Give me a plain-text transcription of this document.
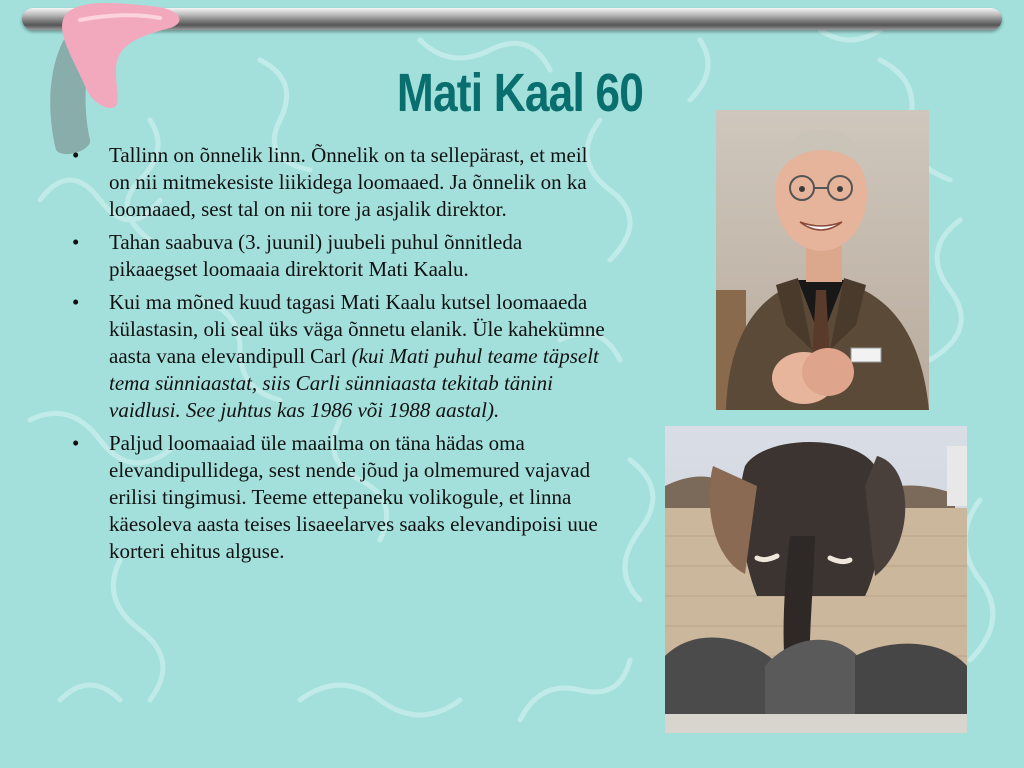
Mati Kaal 60
• Tallinn on õnnelik linn. Õnnelik on ta sellepärast, et meil on nii mitmekesiste liikidega loomaaed. Ja õnnelik on ka loomaaed, sest tal on nii tore ja asjalik direktor.
• Tahan saabuva (3. juunil) juubeli puhul õnnitleda pikaaegset loomaaia direktorit Mati Kaalu.
• Kui ma mõned kuud tagasi Mati Kaalu kutsel loomaaeda külastasin, oli seal üks väga õnnetu elanik. Üle kahekümne aasta vana elevandipull Carl (kui Mati puhul teame täpselt tema sünniaastat, siis Carli sünniaasta tekitab tänini vaidlusi. See juhtus kas 1986 või 1988 aastal).
• Paljud loomaaiad üle maailma on täna hädas oma elevandipullidega, sest nende jõud ja olmemured vajavad erilisi tingimusi. Teeme ettepaneku volikogule, et linna käesoleva aasta teises lisaeelarves saaks elevandipoisi uue korteri ehitus alguse.
